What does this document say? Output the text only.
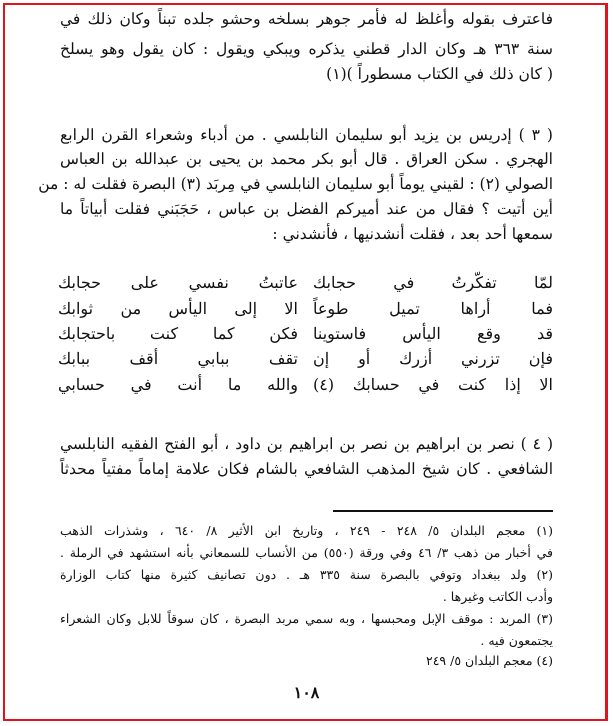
فاعترف بقوله وأغلظ له فأمر جوهر بسلخه وحشو جلده تبناً وكان ذلك في
سنة ٣٦٣ هـ وكان الدار قطني يذكره ويبكي ويقول : كان يقول وهو يسلخ
( كان ذلك في الكتاب مسطوراً )(١)
( ٣ ) إدريس بن يزيد أبو سليمان النابلسي . من أدباء وشعراء القرن الرابع
الهجري . سكن العراق . قال أبو بكر محمد بن يحيى بن عبدالله بن العباس
الصولي (٢) : لقيني يوماً أبو سليمان النابلسي في مِربَد (٣) البصرة فقلت له : من
أين أتيت ؟ فقال من عند أميركم الفضل بن عباس ، حَجَبَني فقلت أبياتاً ما
سمعها أحد بعد ، فقلت أنشدنيها ، فأنشدني :
لمّا تفكّرتُ في حجابك
عاتبتُ نفسي على حجابك
فما أراها تميل طوعاً
الا إلى اليأس من ثوابك
قد وقع اليأس فاستوينا
فكن كما كنت باحتجابك
فإن تزرني أزرك أو إن
تقف ببابي أقف ببابك
الا إذا كنت في حسابك (٤)
والله ما أنت في حسابي
( ٤ ) نصر بن ابراهيم بن نصر بن ابراهيم بن داود ، أبو الفتح الفقيه النابلسي
الشافعي . كان شيخ المذهب الشافعي بالشام فكان علامة إماماً مفتياً محدثاً
(١) معجم البلدان ٥/ ٢٤٨ - ٢٤٩ ، وتاريخ ابن الأثير ٨/ ٦٤٠ ، وشذرات الذهب
في أخبار من ذهب ٣/ ٤٦ وفي ورقة (٥٥٠) من الأنساب للسمعاني بأنه استشهد في الرملة .
(٢) ولد ببغداد وتوفي بالبصرة سنة ٣٣٥ هـ . دون تصانيف كثيرة منها كتاب الوزارة
وأدب الكاتب وغيرها .
(٣) المربد : موقف الإبل ومحبسها ، وبه سمي مربد البصرة ، كان سوقاً للابل وكان الشعراء
يجتمعون فيه .
(٤) معجم البلدان ٥/ ٢٤٩
١٠٨
